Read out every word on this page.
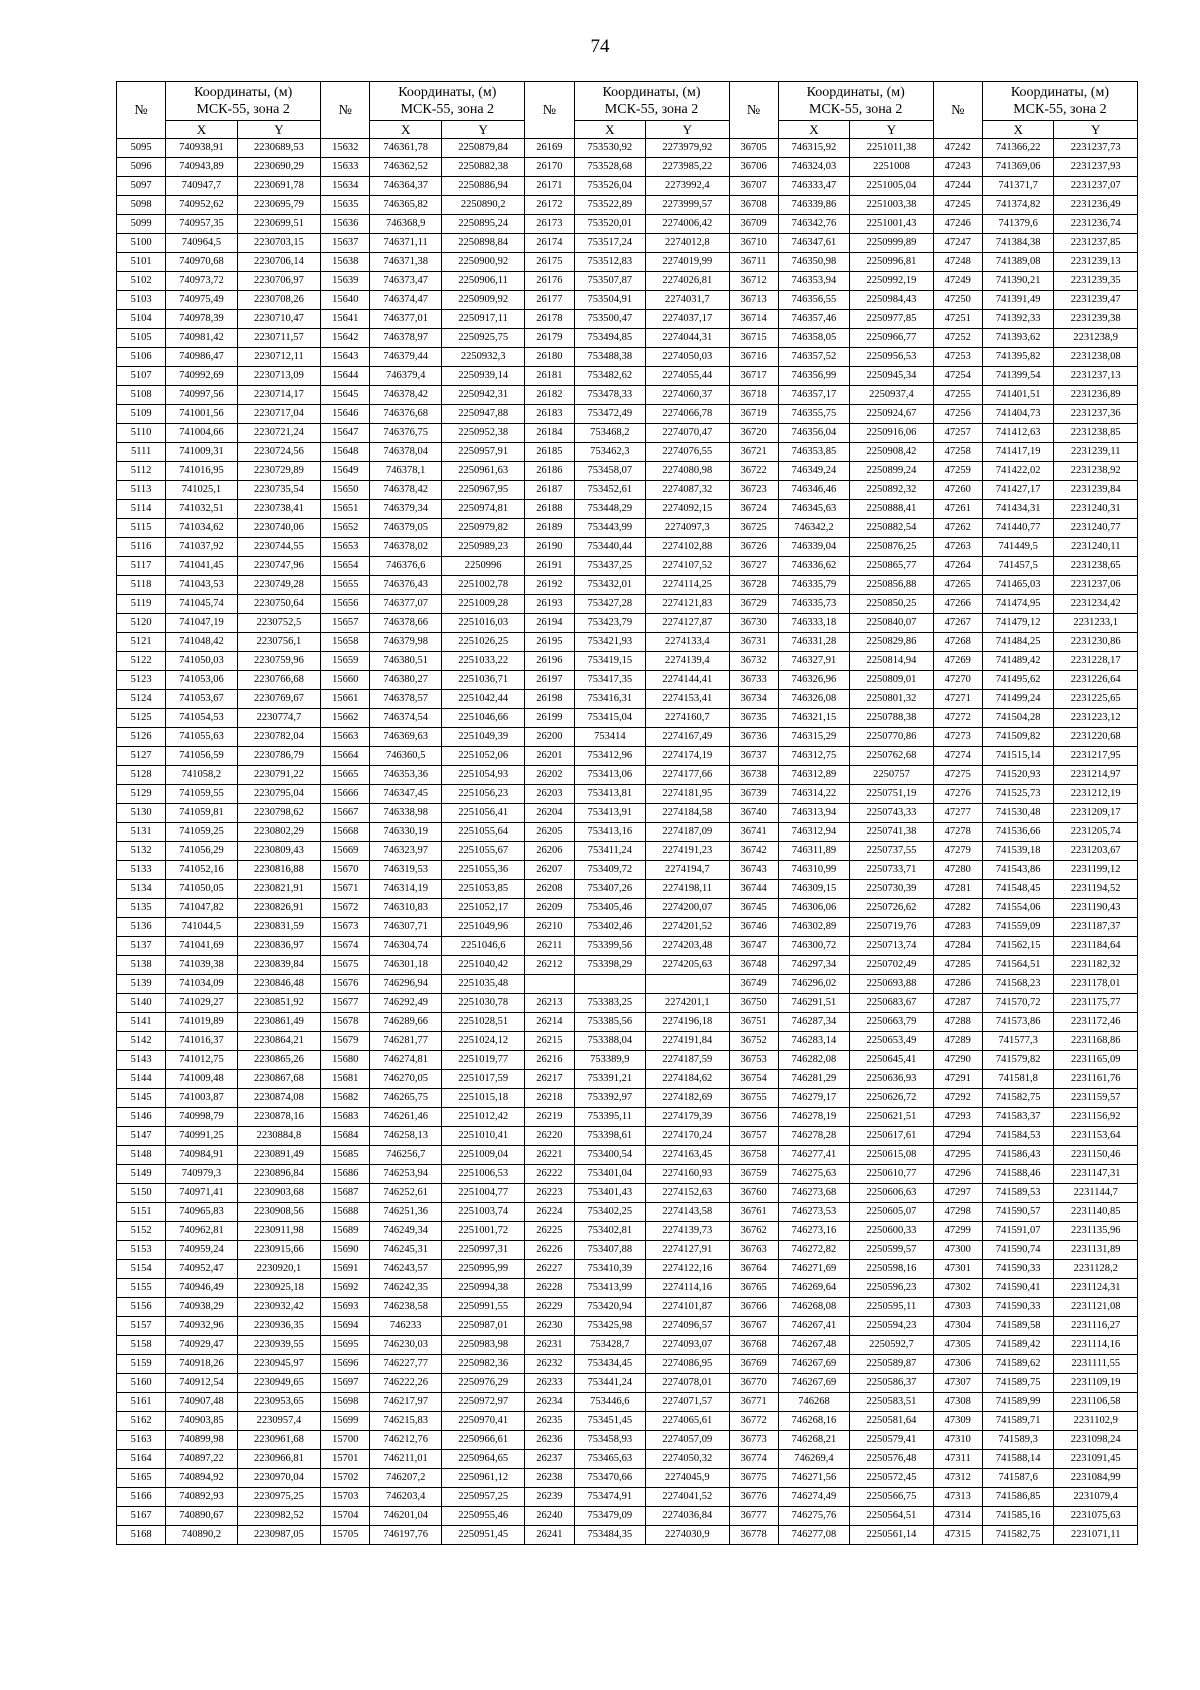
74
№	Координаты, (м) МСК-55, зона 2		№	Координаты, (м) МСК-55, зона 2		№	Координаты, (м) МСК-55, зона 2		№	Координаты, (м) МСК-55, зона 2		№	Координаты, (м) МСК-55, зона 2	
	X	Y		X	Y		X	Y		X	Y		X	Y
5095	740938,91	2230689,53	15632	746361,78	2250879,84	26169	753530,92	2273979,92	36705	746315,92	2251011,38	47242	741366,22	2231237,73
5096	740943,89	2230690,29	15633	746362,52	2250882,38	26170	753528,68	2273985,22	36706	746324,03	2251008	47243	741369,06	2231237,93
5097	740947,7	2230691,78	15634	746364,37	2250886,94	26171	753526,04	2273992,4	36707	746333,47	2251005,04	47244	741371,7	2231237,07
5098	740952,62	2230695,79	15635	746365,82	2250890,2	26172	753522,89	2273999,57	36708	746339,86	2251003,38	47245	741374,82	2231236,49
5099	740957,35	2230699,51	15636	746368,9	2250895,24	26173	753520,01	2274006,42	36709	746342,76	2251001,43	47246	741379,6	2231236,74
5100	740964,5	2230703,15	15637	746371,11	2250898,84	26174	753517,24	2274012,8	36710	746347,61	2250999,89	47247	741384,38	2231237,85
5101	740970,68	2230706,14	15638	746371,38	2250900,92	26175	753512,83	2274019,99	36711	746350,98	2250996,81	47248	741389,08	2231239,13
5102	740973,72	2230706,97	15639	746373,47	2250906,11	26176	753507,87	2274026,81	36712	746353,94	2250992,19	47249	741390,21	2231239,35
5103	740975,49	2230708,26	15640	746374,47	2250909,92	26177	753504,91	2274031,7	36713	746356,55	2250984,43	47250	741391,49	2231239,47
5104	740978,39	2230710,47	15641	746377,01	2250917,11	26178	753500,47	2274037,17	36714	746357,46	2250977,85	47251	741392,33	2231239,38
5105	740981,42	2230711,57	15642	746378,97	2250925,75	26179	753494,85	2274044,31	36715	746358,05	2250966,77	47252	741393,62	2231238,9
5106	740986,47	2230712,11	15643	746379,44	2250932,3	26180	753488,38	2274050,03	36716	746357,52	2250956,53	47253	741395,82	2231238,08
5107	740992,69	2230713,09	15644	746379,4	2250939,14	26181	753482,62	2274055,44	36717	746356,99	2250945,34	47254	741399,54	2231237,13
5108	740997,56	2230714,17	15645	746378,42	2250942,31	26182	753478,33	2274060,37	36718	746357,17	2250937,4	47255	741401,51	2231236,89
5109	741001,56	2230717,04	15646	746376,68	2250947,88	26183	753472,49	2274066,78	36719	746355,75	2250924,67	47256	741404,73	2231237,36
5110	741004,66	2230721,24	15647	746376,75	2250952,38	26184	753468,2	2274070,47	36720	746356,04	2250916,06	47257	741412,63	2231238,85
5111	741009,31	2230724,56	15648	746378,04	2250957,91	26185	753462,3	2274076,55	36721	746353,85	2250908,42	47258	741417,19	2231239,11
5112	741016,95	2230729,89	15649	746378,1	2250961,63	26186	753458,07	2274080,98	36722	746349,24	2250899,24	47259	741422,02	2231238,92
5113	741025,1	2230735,54	15650	746378,42	2250967,95	26187	753452,61	2274087,32	36723	746346,46	2250892,32	47260	741427,17	2231239,84
5114	741032,51	2230738,41	15651	746379,34	2250974,81	26188	753448,29	2274092,15	36724	746345,63	2250888,41	47261	741434,31	2231240,31
5115	741034,62	2230740,06	15652	746379,05	2250979,82	26189	753443,99	2274097,3	36725	746342,2	2250882,54	47262	741440,77	2231240,77
5116	741037,92	2230744,55	15653	746378,02	2250989,23	26190	753440,44	2274102,88	36726	746339,04	2250876,25	47263	741449,5	2231240,11
5117	741041,45	2230747,96	15654	746376,6	2250996	26191	753437,25	2274107,52	36727	746336,62	2250865,77	47264	741457,5	2231238,65
5118	741043,53	2230749,28	15655	746376,43	2251002,78	26192	753432,01	2274114,25	36728	746335,79	2250856,88	47265	741465,03	2231237,06
5119	741045,74	2230750,64	15656	746377,07	2251009,28	26193	753427,28	2274121,83	36729	746335,73	2250850,25	47266	741474,95	2231234,42
5120	741047,19	2230752,5	15657	746378,66	2251016,03	26194	753423,79	2274127,87	36730	746333,18	2250840,07	47267	741479,12	2231233,1
5121	741048,42	2230756,1	15658	746379,98	2251026,25	26195	753421,93	2274133,4	36731	746331,28	2250829,86	47268	741484,25	2231230,86
5122	741050,03	2230759,96	15659	746380,51	2251033,22	26196	753419,15	2274139,4	36732	746327,91	2250814,94	47269	741489,42	2231228,17
5123	741053,06	2230766,68	15660	746380,27	2251036,71	26197	753417,35	2274144,41	36733	746326,96	2250809,01	47270	741495,62	2231226,64
5124	741053,67	2230769,67	15661	746378,57	2251042,44	26198	753416,31	2274153,41	36734	746326,08	2250801,32	47271	741499,24	2231225,65
5125	741054,53	2230774,7	15662	746374,54	2251046,66	26199	753415,04	2274160,7	36735	746321,15	2250788,38	47272	741504,28	2231223,12
5126	741055,63	2230782,04	15663	746369,63	2251049,39	26200	753414	2274167,49	36736	746315,29	2250770,86	47273	741509,82	2231220,68
5127	741056,59	2230786,79	15664	746360,5	2251052,06	26201	753412,96	2274174,19	36737	746312,75	2250762,68	47274	741515,14	2231217,95
5128	741058,2	2230791,22	15665	746353,36	2251054,93	26202	753413,06	2274177,66	36738	746312,89	2250757	47275	741520,93	2231214,97
5129	741059,55	2230795,04	15666	746347,45	2251056,23	26203	753413,81	2274181,95	36739	746314,22	2250751,19	47276	741525,73	2231212,19
5130	741059,81	2230798,62	15667	746338,98	2251056,41	26204	753413,91	2274184,58	36740	746313,94	2250743,33	47277	741530,48	2231209,17
5131	741059,25	2230802,29	15668	746330,19	2251055,64	26205	753413,16	2274187,09	36741	746312,94	2250741,38	47278	741536,66	2231205,74
5132	741056,29	2230809,43	15669	746323,97	2251055,67	26206	753411,24	2274191,23	36742	746311,89	2250737,55	47279	741539,18	2231203,67
5133	741052,16	2230816,88	15670	746319,53	2251055,36	26207	753409,72	2274194,7	36743	746310,99	2250733,71	47280	741543,86	2231199,12
5134	741050,05	2230821,91	15671	746314,19	2251053,85	26208	753407,26	2274198,11	36744	746309,15	2250730,39	47281	741548,45	2231194,52
5135	741047,82	2230826,91	15672	746310,83	2251052,17	26209	753405,46	2274200,07	36745	746306,06	2250726,62	47282	741554,06	2231190,43
5136	741044,5	2230831,59	15673	746307,71	2251049,96	26210	753402,46	2274201,52	36746	746302,89	2250719,76	47283	741559,09	2231187,37
5137	741041,69	2230836,97	15674	746304,74	2251046,6	26211	753399,56	2274203,48	36747	746300,72	2250713,74	47284	741562,15	2231184,64
5138	741039,38	2230839,84	15675	746301,18	2251040,42	26212	753398,29	2274205,63	36748	746297,34	2250702,49	47285	741564,51	2231182,32
5139	741034,09	2230846,48	15676	746296,94	2251035,48				36749	746296,02	2250693,88	47286	741568,23	2231178,01
5140	741029,27	2230851,92	15677	746292,49	2251030,78	26213	753383,25	2274201,1	36750	746291,51	2250683,67	47287	741570,72	2231175,77
5141	741019,89	2230861,49	15678	746289,66	2251028,51	26214	753385,56	2274196,18	36751	746287,34	2250663,79	47288	741573,86	2231172,46
5142	741016,37	2230864,21	15679	746281,77	2251024,12	26215	753388,04	2274191,84	36752	746283,14	2250653,49	47289	741577,3	2231168,86
5143	741012,75	2230865,26	15680	746274,81	2251019,77	26216	753389,9	2274187,59	36753	746282,08	2250645,41	47290	741579,82	2231165,09
5144	741009,48	2230867,68	15681	746270,05	2251017,59	26217	753391,21	2274184,62	36754	746281,29	2250636,93	47291	741581,8	2231161,76
5145	741003,87	2230874,08	15682	746265,75	2251015,18	26218	753392,97	2274182,69	36755	746279,17	2250626,72	47292	741582,75	2231159,57
5146	740998,79	2230878,16	15683	746261,46	2251012,42	26219	753395,11	2274179,39	36756	746278,19	2250621,51	47293	741583,37	2231156,92
5147	740991,25	2230884,8	15684	746258,13	2251010,41	26220	753398,61	2274170,24	36757	746278,28	2250617,61	47294	741584,53	2231153,64
5148	740984,91	2230891,49	15685	746256,7	2251009,04	26221	753400,54	2274163,45	36758	746277,41	2250615,08	47295	741586,43	2231150,46
5149	740979,3	2230896,84	15686	746253,94	2251006,53	26222	753401,04	2274160,93	36759	746275,63	2250610,77	47296	741588,46	2231147,31
5150	740971,41	2230903,68	15687	746252,61	2251004,77	26223	753401,43	2274152,63	36760	746273,68	2250606,63	47297	741589,53	2231144,7
5151	740965,83	2230908,56	15688	746251,36	2251003,74	26224	753402,25	2274143,58	36761	746273,53	2250605,07	47298	741590,57	2231140,85
5152	740962,81	2230911,98	15689	746249,34	2251001,72	26225	753402,81	2274139,73	36762	746273,16	2250600,33	47299	741591,07	2231135,96
5153	740959,24	2230915,66	15690	746245,31	2250997,31	26226	753407,88	2274127,91	36763	746272,82	2250599,57	47300	741590,74	2231131,89
5154	740952,47	2230920,1	15691	746243,57	2250995,99	26227	753410,39	2274122,16	36764	746271,69	2250598,16	47301	741590,33	2231128,2
5155	740946,49	2230925,18	15692	746242,35	2250994,38	26228	753413,99	2274114,16	36765	746269,64	2250596,23	47302	741590,41	2231124,31
5156	740938,29	2230932,42	15693	746238,58	2250991,55	26229	753420,94	2274101,87	36766	746268,08	2250595,11	47303	741590,33	2231121,08
5157	740932,96	2230936,35	15694	746233	2250987,01	26230	753425,98	2274096,57	36767	746267,41	2250594,23	47304	741589,58	2231116,27
5158	740929,47	2230939,55	15695	746230,03	2250983,98	26231	753428,7	2274093,07	36768	746267,48	2250592,7	47305	741589,42	2231114,16
5159	740918,26	2230945,97	15696	746227,77	2250982,36	26232	753434,45	2274086,95	36769	746267,69	2250589,87	47306	741589,62	2231111,55
5160	740912,54	2230949,65	15697	746222,26	2250976,29	26233	753441,24	2274078,01	36770	746267,69	2250586,37	47307	741589,75	2231109,19
5161	740907,48	2230953,65	15698	746217,97	2250972,97	26234	753446,6	2274071,57	36771	746268	2250583,51	47308	741589,99	2231106,58
5162	740903,85	2230957,4	15699	746215,83	2250970,41	26235	753451,45	2274065,61	36772	746268,16	2250581,64	47309	741589,71	2231102,9
5163	740899,98	2230961,68	15700	746212,76	2250966,61	26236	753458,93	2274057,09	36773	746268,21	2250579,41	47310	741589,3	2231098,24
5164	740897,22	2230966,81	15701	746211,01	2250964,65	26237	753465,63	2274050,32	36774	746269,4	2250576,48	47311	741588,14	2231091,45
5165	740894,92	2230970,04	15702	746207,2	2250961,12	26238	753470,66	2274045,9	36775	746271,56	2250572,45	47312	741587,6	2231084,99
5166	740892,93	2230975,25	15703	746203,4	2250957,25	26239	753474,91	2274041,52	36776	746274,49	2250566,75	47313	741586,85	2231079,4
5167	740890,67	2230982,52	15704	746201,04	2250955,46	26240	753479,09	2274036,84	36777	746275,76	2250564,51	47314	741585,16	2231075,63
5168	740890,2	2230987,05	15705	746197,76	2250951,45	26241	753484,35	2274030,9	36778	746277,08	2250561,14	47315	741582,75	2231071,11
